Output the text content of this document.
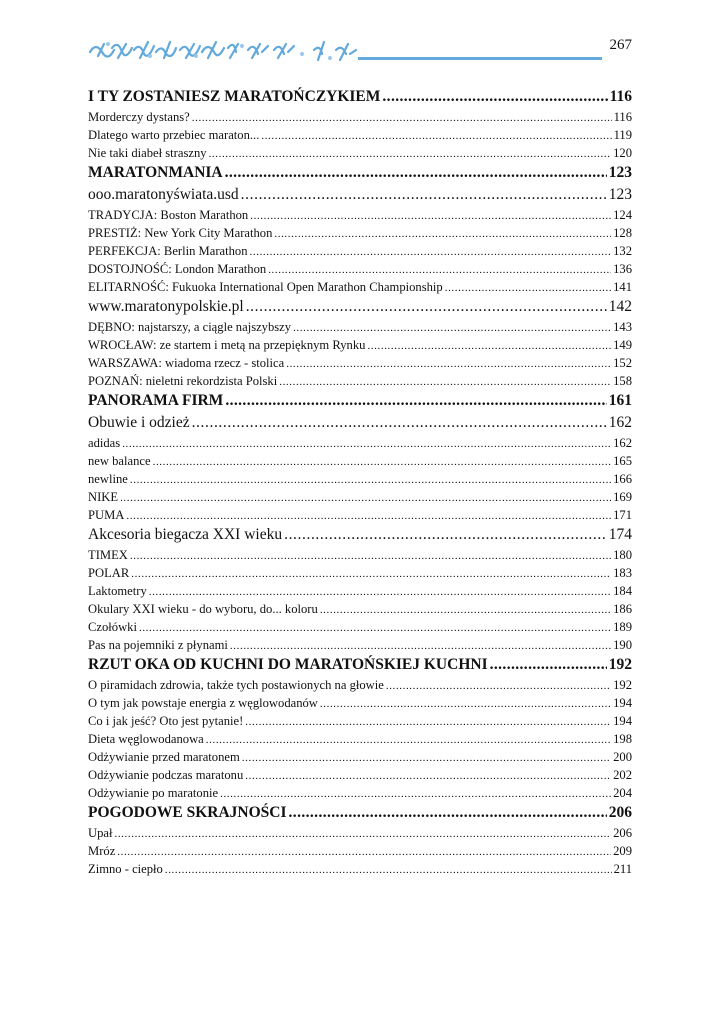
267
I TY ZOSTANIESZ MARATOŃCZYKIEM .....	116
Morderczy dystans? .....	116
Dlatego warto przebiec maraton... .....	119
Nie taki diabeł straszny .....	120
MARATONMANIA .....	123
ooo.maratonyświata.usd .....	123
TRADYCJA: Boston Marathon .....	124
PRESTIŻ: New York City Marathon .....	128
PERFEKCJA: Berlin Marathon .....	132
DOSTOJNOŚĆ: London Marathon .....	136
ELITARNOŚĆ: Fukuoka International Open Marathon Championship .....	141
www.maratonypolskie.pl .....	142
DĘBNO: najstarszy, a ciągle najszybszy .....	143
WROCŁAW: ze startem i metą na przepięknym Rynku .....	149
WARSZAWA: wiadoma rzecz - stolica .....	152
POZNAŃ: nieletni rekordzista Polski .....	158
PANORAMA FIRM .....	161
Obuwie i odzież .....	162
adidas .....	162
new balance .....	165
newline .....	166
NIKE .....	169
PUMA .....	171
Akcesoria biegacza XXI wieku .....	174
TIMEX .....	180
POLAR .....	183
Laktometry .....	184
Okulary XXI wieku - do wyboru, do... koloru .....	186
Czołówki .....	189
Pas na pojemniki z płynami .....	190
RZUT OKA OD KUCHNI DO MARATOŃSKIEJ KUCHNI .....	192
O piramidach zdrowia, także tych postawionych na głowie .....	192
O tym jak powstaje energia z węglowodanów .....	194
Co i jak jeść? Oto jest pytanie! .....	194
Dieta węglowodanowa .....	198
Odżywianie przed maratonem .....	200
Odżywianie podczas maratonu .....	202
Odżywianie po maratonie .....	204
POGODOWE SKRAJNOŚCI .....	206
Upał .....	206
Mróz .....	209
Zimno - ciepło .....	211
